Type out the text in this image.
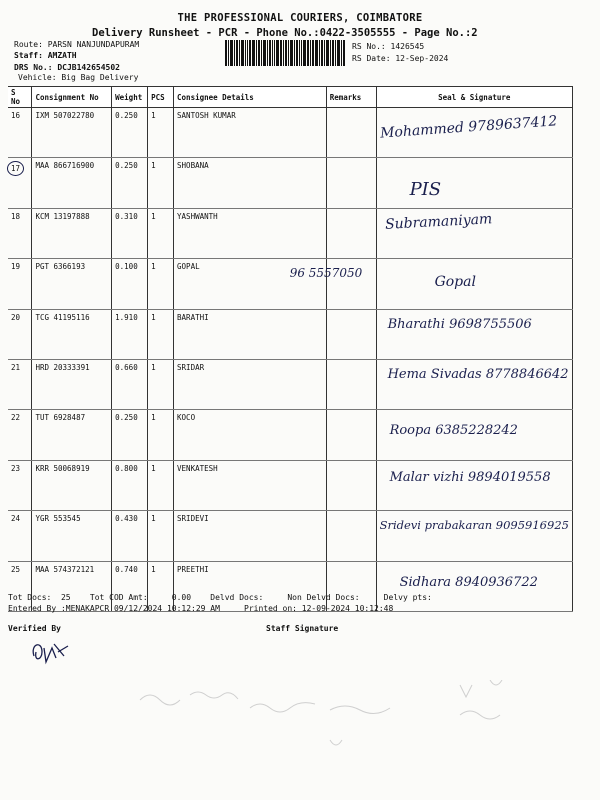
THE PROFESSIONAL COURIERS, COIMBATORE
Delivery Runsheet - PCR - Phone No.:0422-3505555 - Page No.:2
Route: PARSN NANJUNDAPURAM
Staff: AMZATH
DRS No.: DCJB142654502
Vehicle: Big Bag Delivery
RS No.: 1426545
RS Date: 12-Sep-2024
S No	Consignment No	Weight	PCS	Consignee Details	Remarks	Seal & Signature
16	IXM 507022780	0.250	1	SANTOSH KUMAR		Mohammed 9789637412

17	MAA 866716900	0.250	1	SHOBANA		PIS

18	KCM 13197888	0.310	1	YASHWANTH		Subramaniyam

19	PGT 6366193	0.100	1	GOPAL	96 5557050	Gopal

20	TCG 41195116	1.910	1	BARATHI		Bharathi 9698755506

21	HRD 20333391	0.660	1	SRIDAR		Hema Sivadas 8778846642

22	TUT 6928487	0.250	1	KOCO		Roopa 6385228242

23	KRR 50068919	0.800	1	VENKATESH		Malar vizhi 9894019558

24	YGR 553545	0.430	1	SRIDEVI		Sridevi prabakaran 9095916925

25	MAA 574372121	0.740	1	PREETHI		Sidhara 8940936722
Tot Docs:  25    Tot COD Amt:     0.00    Delvd Docs:     Non Delvd Docs:     Delvy pts:
Entered By :MENAKAPCR 09/12/2024 10:12:29 AM     Printed on: 12-09-2024 10:12:48
Verified By	Staff Signature
